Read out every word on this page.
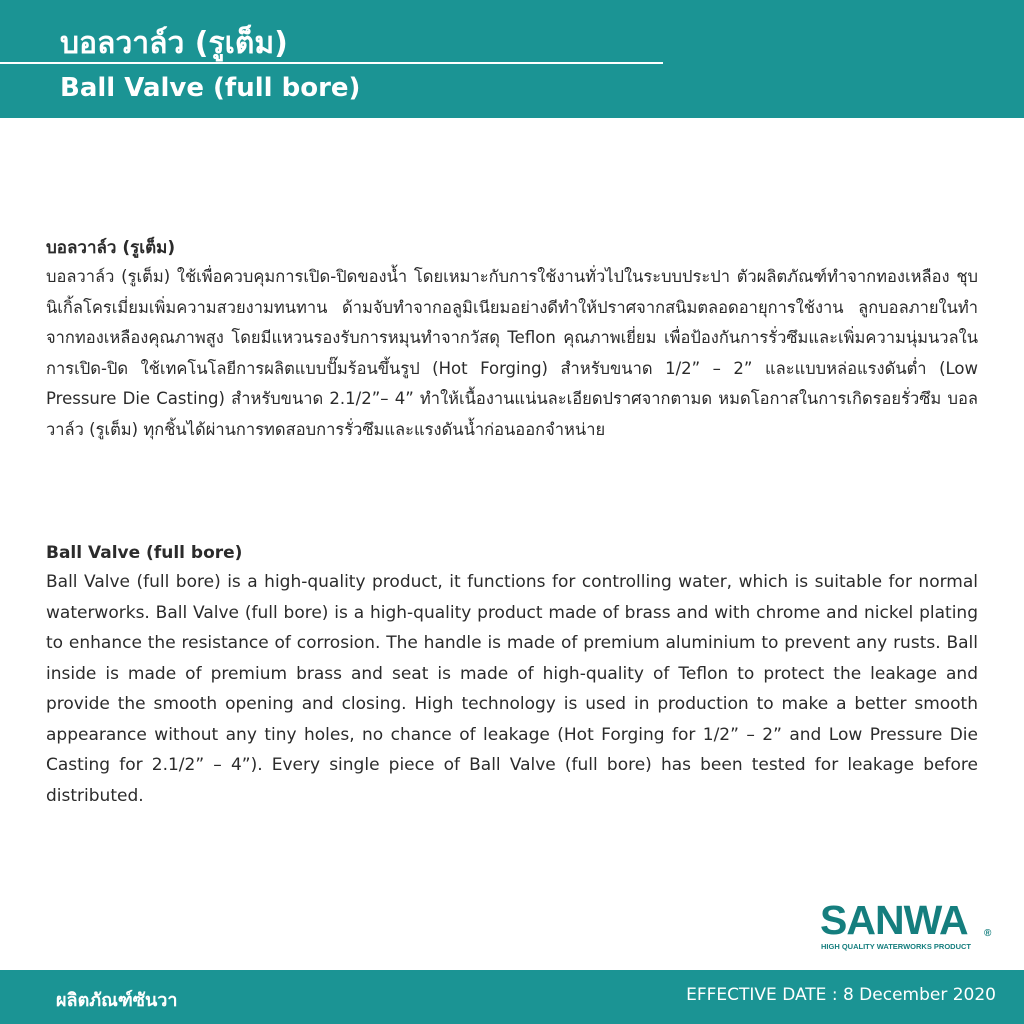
บอลวาล์ว (รูเต็ม)
Ball Valve (full bore)
บอลวาล์ว (รูเต็ม)
บอลวาล์ว (รูเต็ม) ใช้เพื่อควบคุมการเปิด-ปิดของน้ำ โดยเหมาะกับการใช้งานทั่วไปในระบบประปา ตัวผลิตภัณฑ์ทำจากทองเหลือง ชุบนิเกิ้ลโครเมี่ยมเพิ่มความสวยงามทนทาน ด้ามจับทำจากอลูมิเนียมอย่างดีทำให้ปราศจากสนิมตลอดอายุการใช้งาน ลูกบอลภายในทำจากทองเหลืองคุณภาพสูง โดยมีแหวนรองรับการหมุนทำจากวัสดุ Teflon คุณภาพเยี่ยม เพื่อป้องกันการรั่วซึมและเพิ่มความนุ่มนวลในการเปิด-ปิด ใช้เทคโนโลยีการผลิตแบบปั๊มร้อนขึ้นรูป (Hot Forging) สำหรับขนาด 1/2” – 2” และแบบหล่อแรงดันต่ำ (Low Pressure Die Casting) สำหรับขนาด 2.1/2”– 4” ทำให้เนื้องานแน่นละเอียดปราศจากตามด หมดโอกาสในการเกิดรอยรั่วซึม บอลวาล์ว (รูเต็ม) ทุกชิ้นได้ผ่านการทดสอบการรั่วซึมและแรงดันน้ำก่อนออกจำหน่าย
Ball Valve (full bore)
Ball Valve (full bore) is a high-quality product, it functions for controlling water, which is suitable for normal waterworks. Ball Valve (full bore) is a high-quality product made of brass and with chrome and nickel plating to enhance the resistance of corrosion. The handle is made of premium aluminium to prevent any rusts. Ball inside is made of premium brass and seat is made of high-quality of Teflon to protect the leakage and provide the smooth opening and closing. High technology is used in production to make a better smooth appearance without any tiny holes, no chance of leakage (Hot Forging for 1/2” – 2” and Low Pressure Die Casting for 2.1/2” – 4”). Every single piece of Ball Valve (full bore) has been tested for leakage before distributed.
SANWA ®
HIGH QUALITY WATERWORKS PRODUCT
ผลิตภัณฑ์ซันวา	EFFECTIVE DATE : 8 December 2020
